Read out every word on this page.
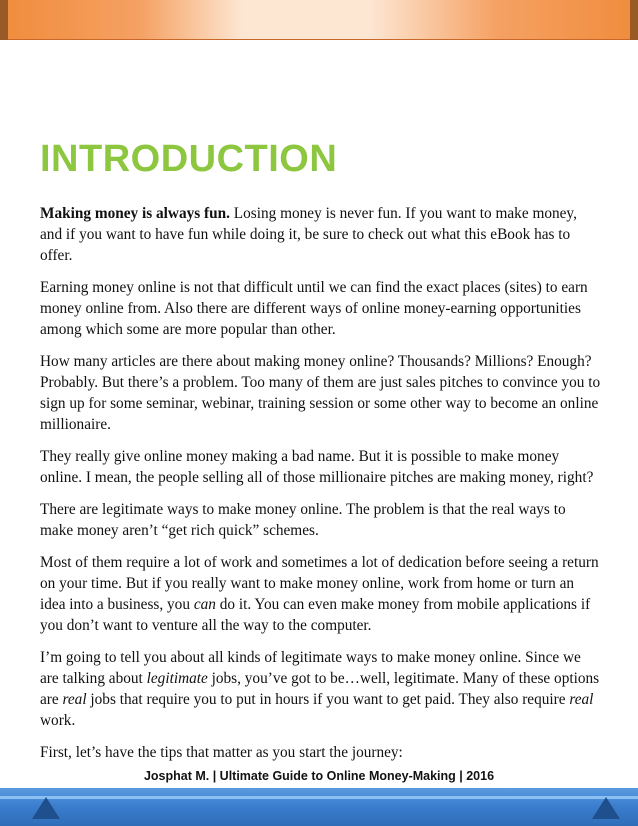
INTRODUCTION

Making money is always fun. Losing money is never fun. If you want to make money, and if you want to have fun while doing it, be sure to check out what this eBook has to offer.

Earning money online is not that difficult until we can find the exact places (sites) to earn money online from. Also there are different ways of online money-earning opportunities among which some are more popular than other.

How many articles are there about making money online? Thousands? Millions? Enough? Probably. But there’s a problem. Too many of them are just sales pitches to convince you to sign up for some seminar, webinar, training session or some other way to become an online millionaire.

They really give online money making a bad name. But it is possible to make money online. I mean, the people selling all of those millionaire pitches are making money, right?

There are legitimate ways to make money online. The problem is that the real ways to make money aren’t “get rich quick” schemes.

Most of them require a lot of work and sometimes a lot of dedication before seeing a return on your time. But if you really want to make money online, work from home or turn an idea into a business, you can do it. You can even make money from mobile applications if you don’t want to venture all the way to the computer.

I’m going to tell you about all kinds of legitimate ways to make money online. Since we are talking about legitimate jobs, you’ve got to be…well, legitimate. Many of these options are real jobs that require you to put in hours if you want to get paid. They also require real work.

First, let’s have the tips that matter as you start the journey:

Josphat M. | Ultimate Guide to Online Money-Making | 2016
